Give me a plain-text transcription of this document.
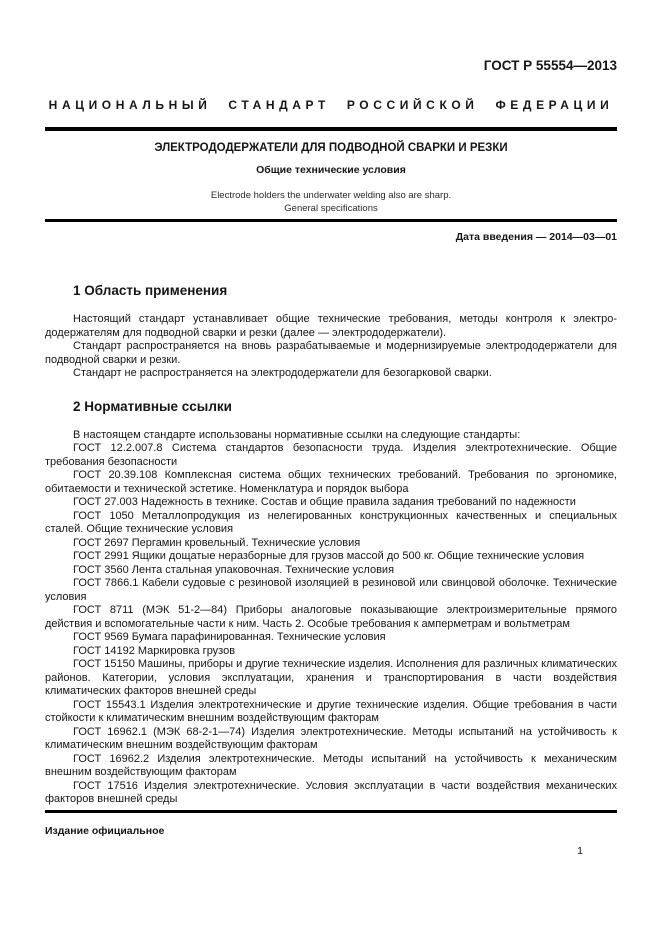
ГОСТ Р 55554—2013
НАЦИОНАЛЬНЫЙ СТАНДАРТ РОССИЙСКОЙ ФЕДЕРАЦИИ
ЭЛЕКТРОДОДЕРЖАТЕЛИ ДЛЯ ПОДВОДНОЙ СВАРКИ И РЕЗКИ
Общие технические условия
Electrode holders the underwater welding also are sharp.
General specifications
Дата введения — 2014—03—01
1 Область применения

Настоящий стандарт устанавливает общие технические требования, методы контроля к электрододержателям для подводной сварки и резки (далее — электрододержатели).

Стандарт распространяется на вновь разрабатываемые и модернизируемые электрододержатели для подводной сварки и резки.

Стандарт не распространяется на электрододержатели для безогарковой сварки.

2 Нормативные ссылки

В настоящем стандарте использованы нормативные ссылки на следующие стандарты:

ГОСТ 12.2.007.8 Система стандартов безопасности труда. Изделия электротехнические. Общие требования безопасности

ГОСТ 20.39.108 Комплексная система общих технических требований. Требования по эргономике, обитаемости и технической эстетике. Номенклатура и порядок выбора

ГОСТ 27.003 Надежность в технике. Состав и общие правила задания требований по надежности

ГОСТ 1050 Металлопродукция из нелегированных конструкционных качественных и специальных сталей. Общие технические условия

ГОСТ 2697 Пергамин кровельный. Технические условия

ГОСТ 2991 Ящики дощатые неразборные для грузов массой до 500 кг. Общие технические условия

ГОСТ 3560 Лента стальная упаковочная. Технические условия

ГОСТ 7866.1 Кабели судовые с резиновой изоляцией в резиновой или свинцовой оболочке. Технические условия

ГОСТ 8711 (МЭК 51-2—84) Приборы аналоговые показывающие электроизмерительные прямого действия и вспомогательные части к ним. Часть 2. Особые требования к амперметрам и вольтметрам

ГОСТ 9569 Бумага парафинированная. Технические условия

ГОСТ 14192 Маркировка грузов

ГОСТ 15150 Машины, приборы и другие технические изделия. Исполнения для различных климатических районов. Категории, условия эксплуатации, хранения и транспортирования в части воздействия климатических факторов внешней среды

ГОСТ 15543.1 Изделия электротехнические и другие технические изделия. Общие требования в части стойкости к климатическим внешним воздействующим факторам

ГОСТ 16962.1 (МЭК 68-2-1—74) Изделия электротехнические. Методы испытаний на устойчивость к климатическим внешним воздействующим факторам

ГОСТ 16962.2 Изделия электротехнические. Методы испытаний на устойчивость к механическим внешним воздействующим факторам

ГОСТ 17516 Изделия электротехнические. Условия эксплуатации в части воздействия механических факторов внешней среды

Издание официальное
1
